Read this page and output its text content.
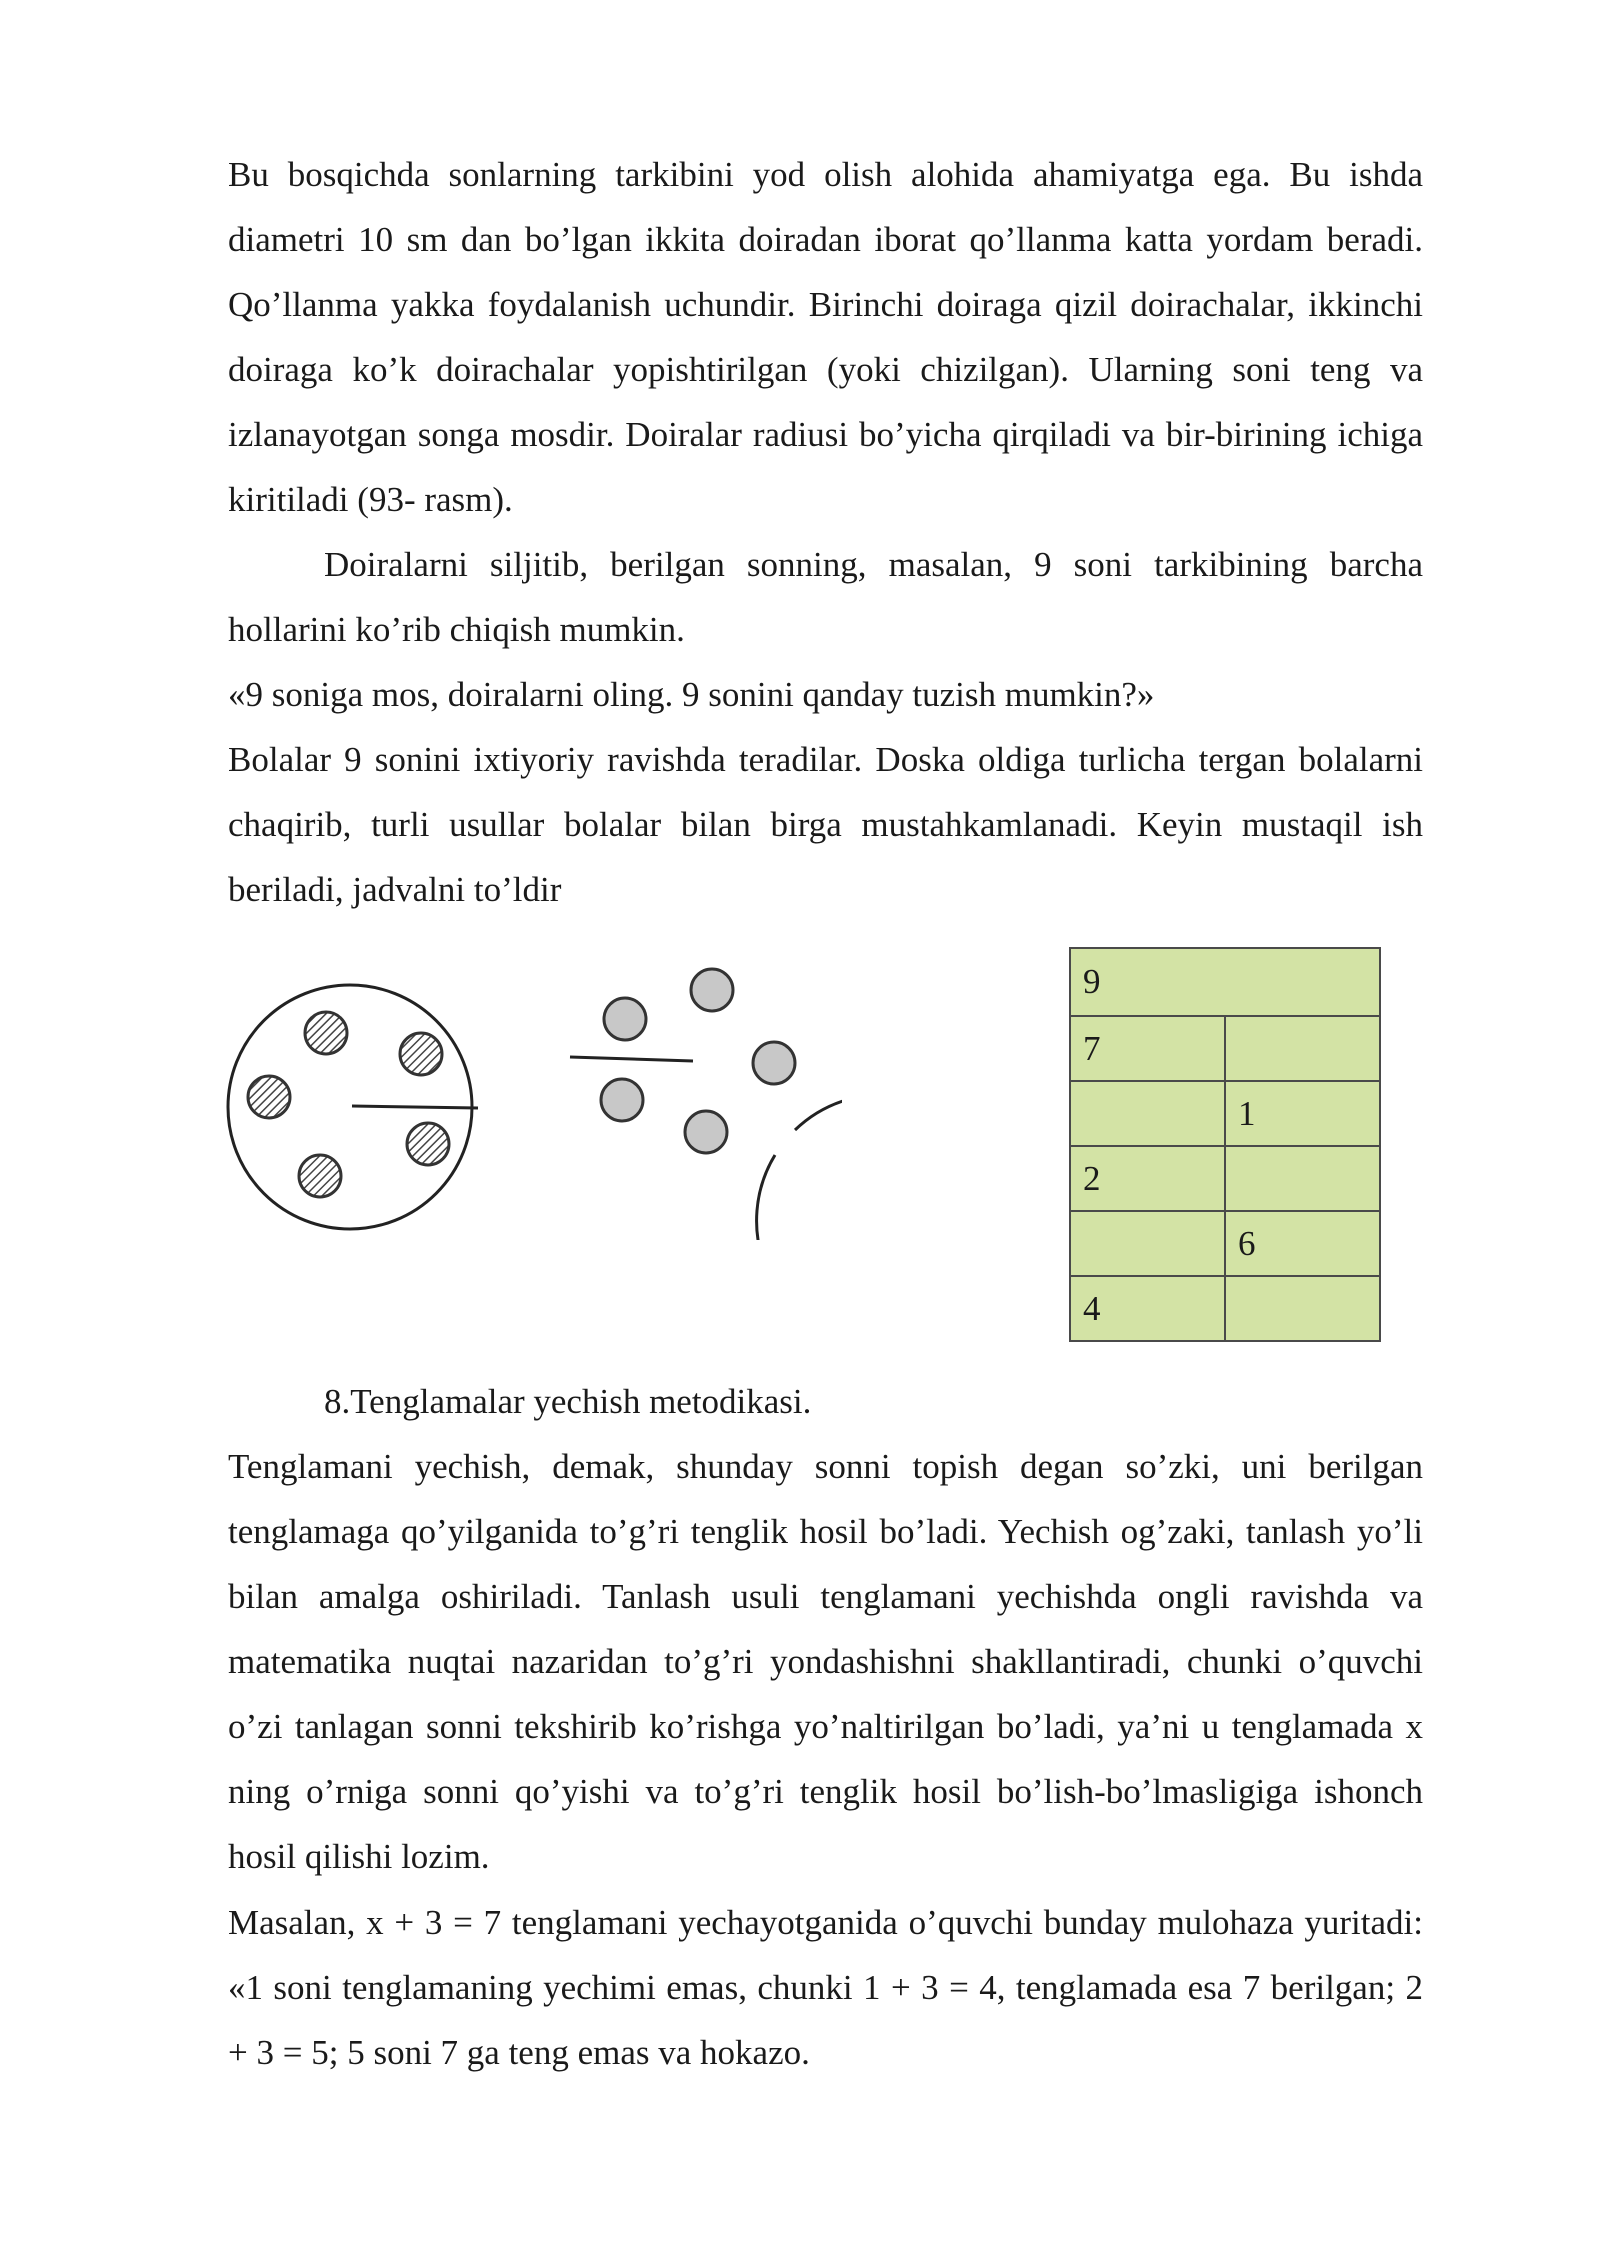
Bu bosqichda sonlarning tarkibini yod olish alohida ahamiyatga ega. Bu ishda diametri 10 sm dan bo’lgan ikkita doiradan iborat qo’llanma katta yordam beradi. Qo’llanma yakka foydalanish uchundir. Birinchi doiraga qizil doirachalar, ikkinchi doiraga ko’k doirachalar yopishtirilgan (yoki chizilgan). Ularning soni teng va izlanayotgan songa mosdir. Doiralar radiusi bo’yicha qirqiladi va bir-birining ichiga kiritiladi (93- rasm).

Doiralarni siljitib, berilgan sonning, masalan, 9 soni tarkibining barcha hollarini ko’rib chiqish mumkin.

«9 soniga mos, doiralarni oling. 9 sonini qanday tuzish mumkin?»

Bolalar 9 sonini ixtiyoriy ravishda teradilar. Doska oldiga turlicha tergan bolalarni chaqirib, turli usullar bolalar bilan birga mustahkamlanadi. Keyin mustaqil ish beriladi, jadvalni to’ldir

9	
7	
	1
2	
	6
4	

8.Tenglamalar yechish metodikasi.

Tenglamani yechish, demak, shunday sonni topish degan so’zki, uni berilgan tenglamaga qo’yilganida to’g’ri tenglik hosil bo’ladi. Yechish og’zaki, tanlash yo’li bilan amalga oshiriladi. Tanlash usuli tenglamani yechishda ongli ravishda va matematika nuqtai nazaridan to’g’ri yondashishni shakllantiradi, chunki o’quvchi o’zi tanlagan sonni tekshirib ko’rishga yo’naltirilgan bo’ladi, ya’ni u tenglamada x ning o’rniga sonni qo’yishi va to’g’ri tenglik hosil bo’lish-bo’lmasligiga ishonch hosil qilishi lozim.

Masalan, x + 3 = 7 tenglamani yechayotganida o’quvchi bunday mulohaza yuritadi: «1 soni tenglamaning yechimi emas, chunki 1 + 3 = 4, tenglamada esa 7 berilgan; 2 + 3 = 5; 5 soni 7 ga teng emas va hokazo.
